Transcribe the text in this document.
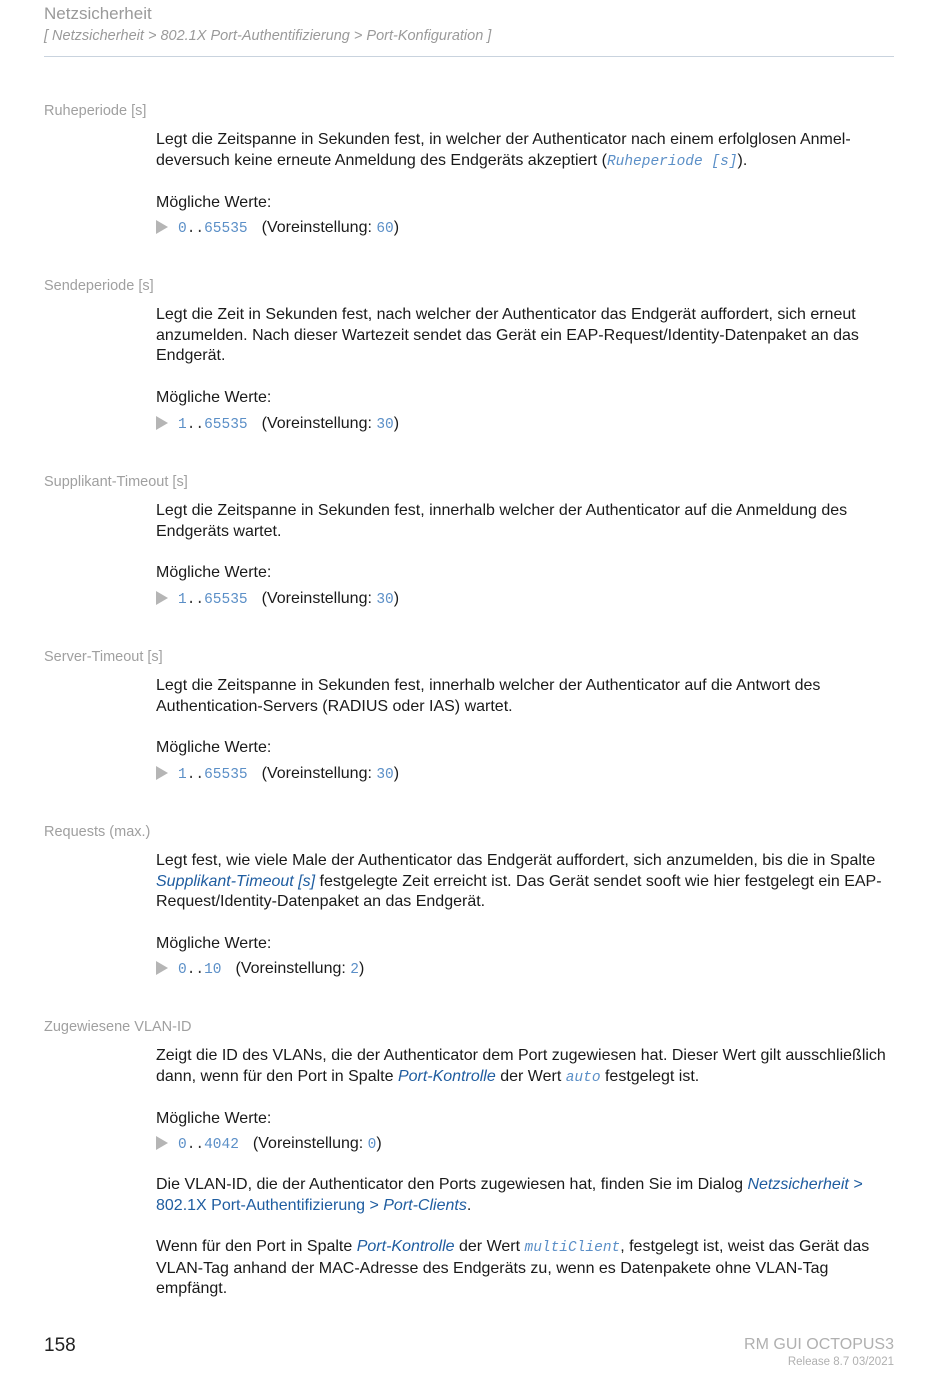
Netzsicherheit
[ Netzsicherheit > 802.1X Port-Authentifizierung > Port-Konfiguration ]
Ruheperiode [s]

Legt die Zeitspanne in Sekunden fest, in welcher der Authenticator nach einem erfolglosen Anmel-deversuch keine erneute Anmeldung des Endgeräts akzeptiert (Ruheperiode [s]).

Mögliche Werte:
0..65535 (Voreinstellung: 60)
Sendeperiode [s]

Legt die Zeit in Sekunden fest, nach welcher der Authenticator das Endgerät auffordert, sich erneut anzumelden. Nach dieser Wartezeit sendet das Gerät ein EAP-Request/Identity-Datenpaket an das Endgerät.

Mögliche Werte:
1..65535 (Voreinstellung: 30)
Supplikant-Timeout [s]

Legt die Zeitspanne in Sekunden fest, innerhalb welcher der Authenticator auf die Anmeldung des Endgeräts wartet.

Mögliche Werte:
1..65535 (Voreinstellung: 30)
Server-Timeout [s]

Legt die Zeitspanne in Sekunden fest, innerhalb welcher der Authenticator auf die Antwort des Authentication-Servers (RADIUS oder IAS) wartet.

Mögliche Werte:
1..65535 (Voreinstellung: 30)
Requests (max.)

Legt fest, wie viele Male der Authenticator das Endgerät auffordert, sich anzumelden, bis die in Spalte Supplikant-Timeout [s] festgelegte Zeit erreicht ist. Das Gerät sendet sooft wie hier festgelegt ein EAP-Request/Identity-Datenpaket an das Endgerät.

Mögliche Werte:
0..10 (Voreinstellung: 2)
Zugewiesene VLAN-ID

Zeigt die ID des VLANs, die der Authenticator dem Port zugewiesen hat. Dieser Wert gilt ausschließlich dann, wenn für den Port in Spalte Port-Kontrolle der Wert auto festgelegt ist.

Mögliche Werte:
0..4042 (Voreinstellung: 0)

Die VLAN-ID, die der Authenticator den Ports zugewiesen hat, finden Sie im Dialog Netzsicherheit > 802.1X Port-Authentifizierung > Port-Clients.

Wenn für den Port in Spalte Port-Kontrolle der Wert multiClient, festgelegt ist, weist das Gerät das VLAN-Tag anhand der MAC-Adresse des Endgeräts zu, wenn es Datenpakete ohne VLAN-Tag empfängt.

158	RM GUI OCTOPUS3
Release 8.7 03/2021
